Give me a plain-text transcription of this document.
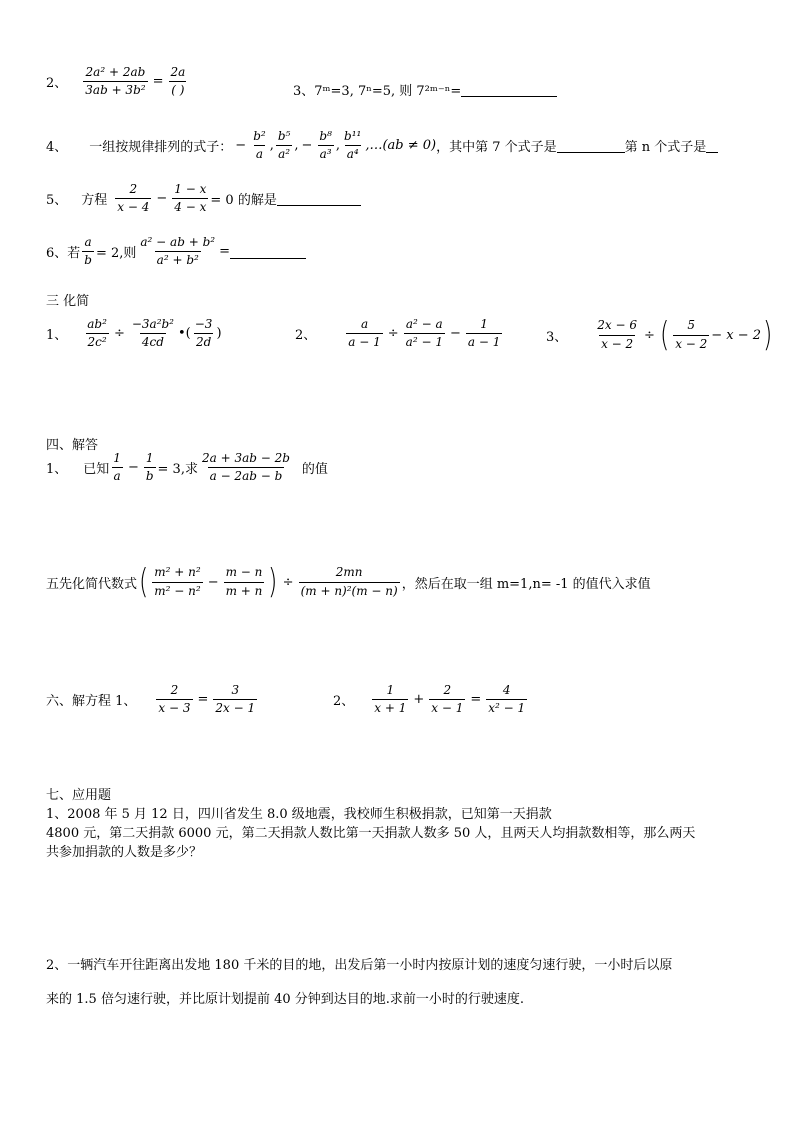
2、 $\frac{\text{2a² + 2ab}}{\text{3ab + 3b²}} = \frac{2a}{( )}$	3、 7ᵐ=3, 7ⁿ=5, 则 7²ᵐ⁻ⁿ=
4、 一组按规律排列的式子： − $\frac{\text{b²}}{a}$ , $\frac{\text{b⁵}}{\text{a²}}$ , − $\frac{\text{b⁸}}{\text{a³}}$ , $\frac{\text{b¹¹}}{\text{a⁴}}$ ,…(ab ≠ 0) ，其中第 7 个式子是	第 n 个式子是
5、 方程 $\frac{2}{x - 4} - \frac{1 - x}{4 - x} = 0$ 的解是
6、若 $\frac{a}{b} = 2$,则 $\frac{\text{a² − ab + b²}}{\text{a² + b²}}$ =
三 化简
1、 $\frac{\text{ab²}}{\text{2c²}} \div \frac{\text{−3a²b²}}{4cd}$ •( $\frac{-3}{2d}$ )	2、	$\frac{a}{a - 1} \div \frac{\text{a² − a}}{\text{a² − 1}} - \frac{1}{a - 1}$	3、 $\frac{2x - 6}{x - 2}$ ÷ ( $\frac{5}{x - 2} - x - 2$ )
四、解答
1、 已知 $\frac{1}{a} - \frac{1}{b} = 3$,求 $\frac{2a + 3ab - 2b}{a - 2ab - b}$ 的值
五先化简代数式 ( $\frac{\text{m² + n²}}{\text{m² − n²}} - \frac{m - n}{m + n}$ ) ÷ $\frac{2mn}{\text{(m + n)²(m − n)}}$ ，然后在取一组 m=1,n= -1 的值代入求值
六、解方程 1、 $\frac{2}{x - 3} = \frac{3}{2x - 1}$	2、 $\frac{1}{x + 1} + \frac{2}{x - 1} = \frac{4}{\text{x² − 1}}$
七、应用题
1、2008 年 5 月 12 日，四川省发生 8.0 级地震，我校师生积极捐款，已知第一天捐款
4800 元，第二天捐款 6000 元，第二天捐款人数比第一天捐款人数多 50 人，且两天人均捐款数相等，那么两天
共参加捐款的人数是多少？
2、一辆汽车开往距离出发地 180 千米的目的地，出发后第一小时内按原计划的速度匀速行驶，一小时后以原
来的 1.5 倍匀速行驶，并比原计划提前 40 分钟到达目的地.求前一小时的行驶速度.
